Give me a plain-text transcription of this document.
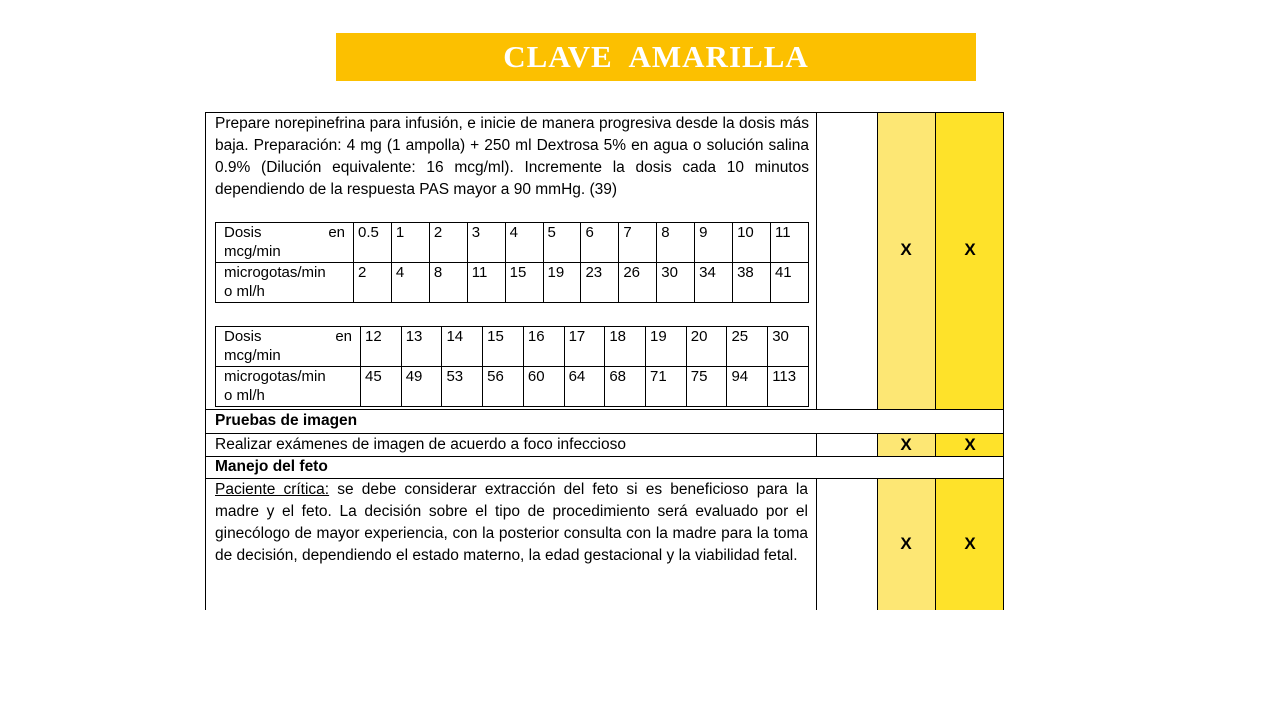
CLAVE  AMARILLA
Prepare norepinefrina para infusión, e inicie de manera progresiva desde la dosis más baja. Preparación: 4 mg (1 ampolla) + 250 ml Dextrosa 5% en agua o solución salina 0.9% (Dilución equivalente: 16 mcg/ml). Incremente la dosis cada 10 minutos dependiendo de la respuesta PAS mayor a 90 mmHg. (39)
Dosis en
mcg/min	0.5	1	2	3	4	5	6	7	8	9	10	11

microgotas/min
o ml/h	2	4	8	11	15	19	23	26	30	34	38	41
Dosis en
mcg/min	12	13	14	15	16	17	18	19	20	25	30

microgotas/min
o ml/h	45	49	53	56	60	64	68	71	75	94	113
X	X
Pruebas de imagen
Realizar exámenes de imagen de acuerdo a foco infeccioso	X	X
Manejo del feto
Paciente crítica: se debe considerar extracción del feto si es beneficioso para la madre y el feto. La decisión sobre el tipo de procedimiento será evaluado por el ginecólogo de mayor experiencia, con la posterior consulta con la madre para la toma de decisión, dependiendo el estado materno, la edad gestacional y la viabilidad fetal.
X	X
